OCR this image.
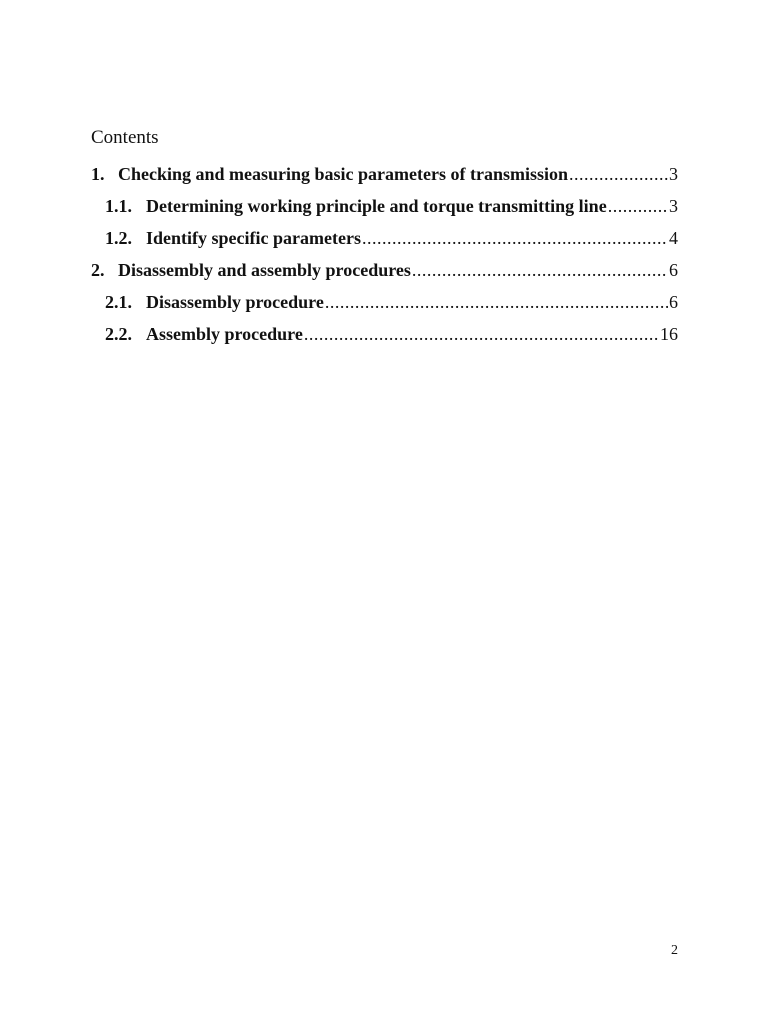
Contents
1. Checking and measuring basic parameters of transmission .....	3
1.1. Determining working principle and torque transmitting line .....	3
1.2. Identify specific parameters .....	4
2. Disassembly and assembly procedures .....	6
2.1. Disassembly procedure .....	6
2.2. Assembly procedure .....	16
2
